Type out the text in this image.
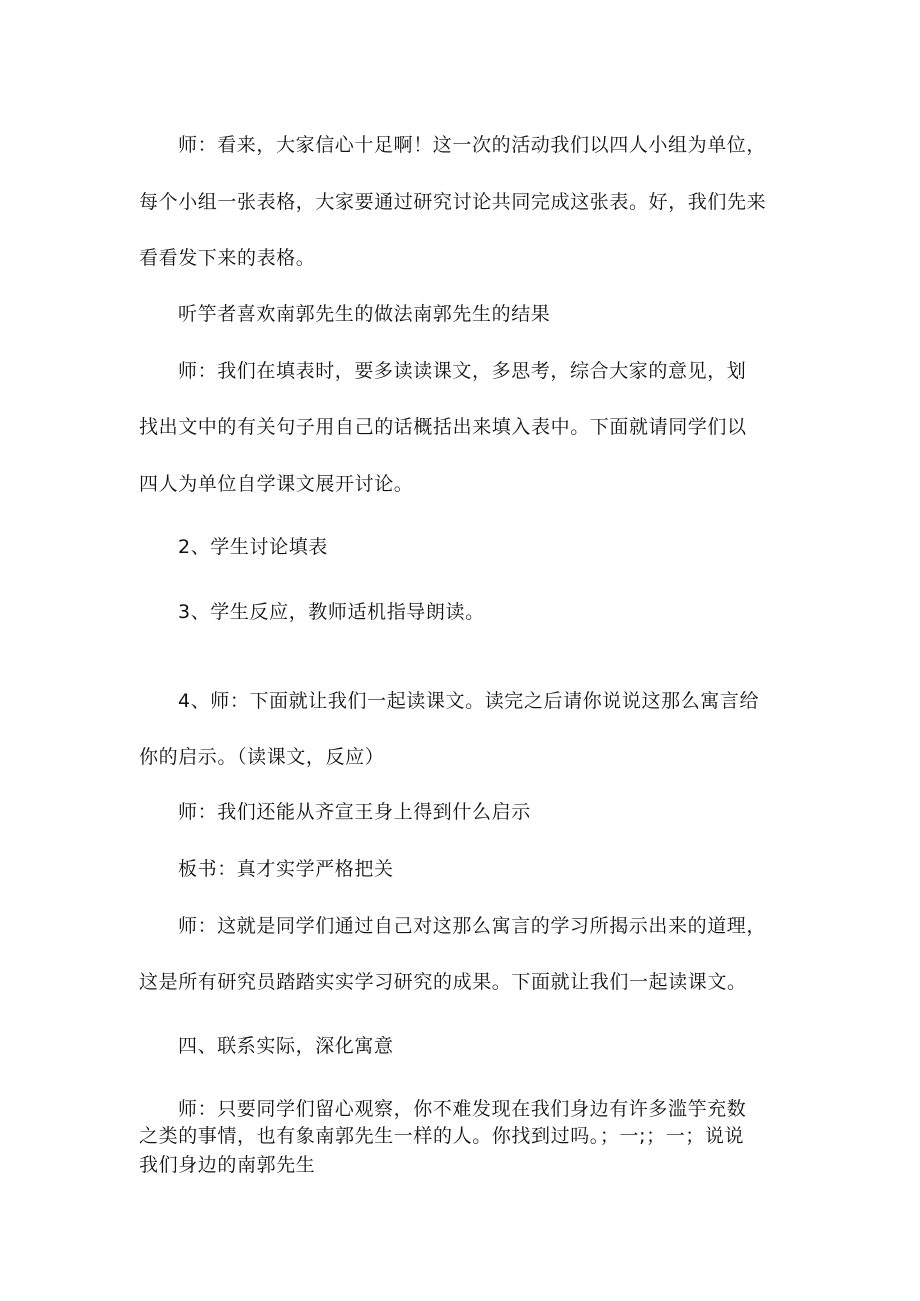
师：看来，大家信心十足啊！这一次的活动我们以四人小组为单位，
每个小组一张表格，大家要通过研究讨论共同完成这张表。好，我们先来
看看发下来的表格。
听竽者喜欢南郭先生的做法南郭先生的结果
师：我们在填表时，要多读读课文，多思考，综合大家的意见，划
找出文中的有关句子用自己的话概括出来填入表中。下面就请同学们以
四人为单位自学课文展开讨论。
2、学生讨论填表
3、学生反应，教师适机指导朗读。
4、师：下面就让我们一起读课文。读完之后请你说说这那么寓言给
你的启示。（读课文，反应）
师：我们还能从齐宣王身上得到什么启示
板书：真才实学严格把关
师：这就是同学们通过自己对这那么寓言的学习所揭示出来的道理，
这是所有研究员踏踏实实学习研究的成果。下面就让我们一起读课文。
四、联系实际，深化寓意
师：只要同学们留心观察，你不难发现在我们身边有许多滥竽充数
之类的事情，也有象南郭先生一样的人。你找到过吗。；一;；一；说说
我们身边的南郭先生
